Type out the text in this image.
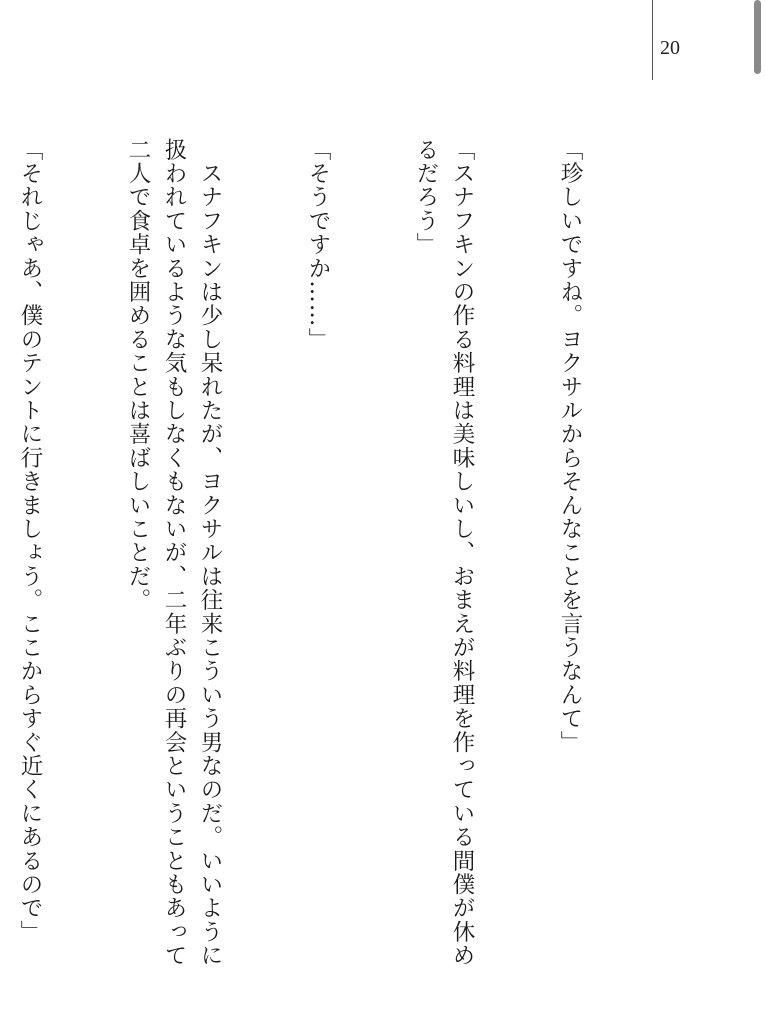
20

「珍しいですね。ヨクサルからそんなことを言うなんて」

「スナフキンの作る料理は美味しいし、おまえが料理を作っている間僕が休めるだろう」

「そうですか……」

スナフキンは少し呆れたが、ヨクサルは往来こういう男なのだ。いいように扱われているような気もしなくもないが、二年ぶりの再会ということもあって二人で食卓を囲めることは喜ばしいことだ。

「それじゃあ、僕のテントに行きましょう。ここからすぐ近くにあるので」
